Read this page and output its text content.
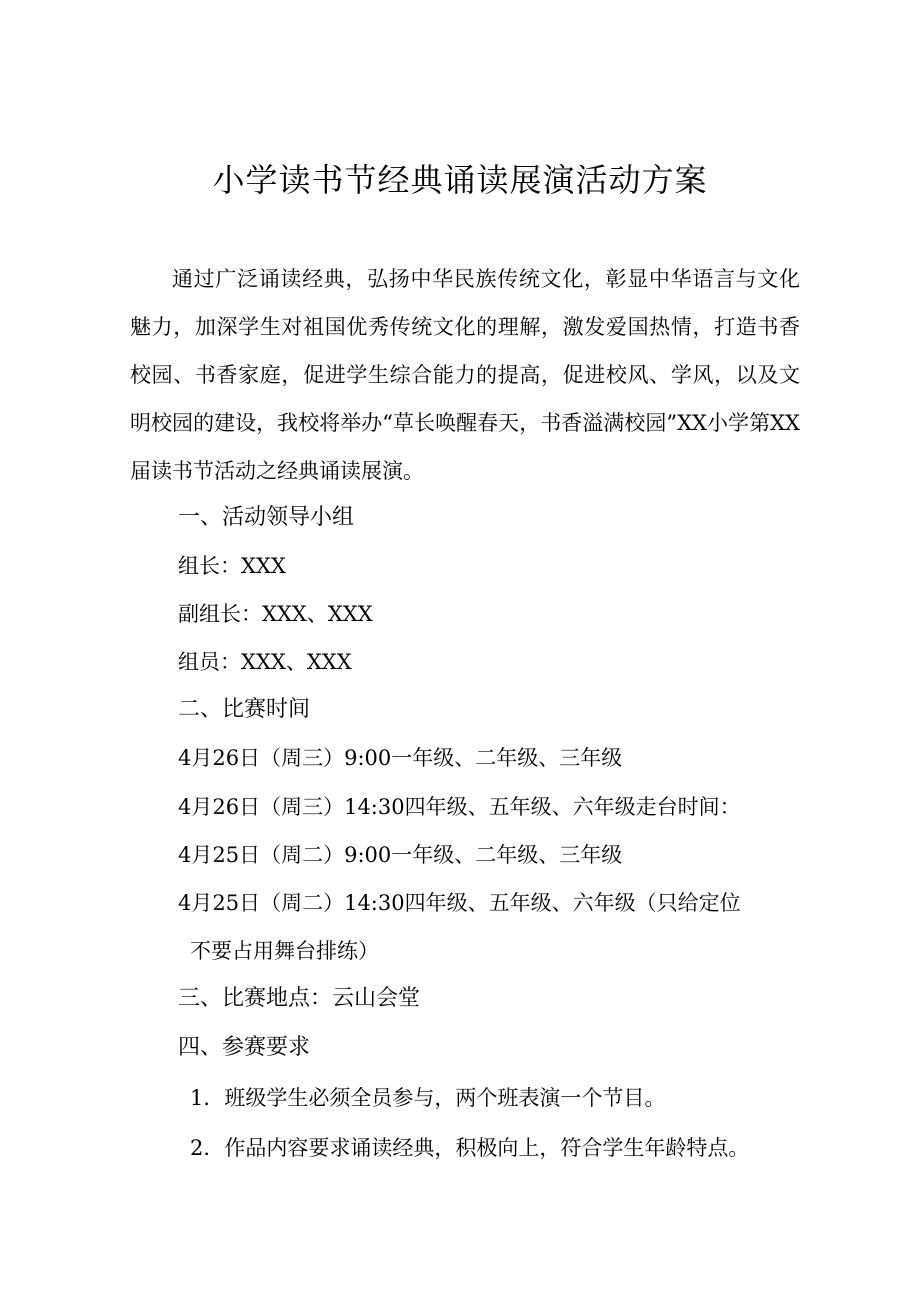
小学读书节经典诵读展演活动方案

通过广泛诵读经典，弘扬中华民族传统文化，彰显中华语言与文化魅力，加深学生对祖国优秀传统文化的理解，激发爱国热情，打造书香校园、书香家庭，促进学生综合能力的提高，促进校风、学风，以及文明校园的建设，我校将举办“草长唤醒春天，书香溢满校园”XX小学第XX届读书节活动之经典诵读展演。

一、活动领导小组
组长：XXX
副组长：XXX、XXX
组员：XXX、XXX
二、比赛时间
4月26日（周三）9:00一年级、二年级、三年级
4月26日（周三）14:30四年级、五年级、六年级走台时间：
4月25日（周二）9:00一年级、二年级、三年级

4月25日（周二）14:30四年级、五年级、六年级（只给定位
不要占用舞台排练）

三、比赛地点：云山会堂
四、参赛要求
1．班级学生必须全员参与，两个班表演一个节目。
2．作品内容要求诵读经典，积极向上，符合学生年龄特点。
